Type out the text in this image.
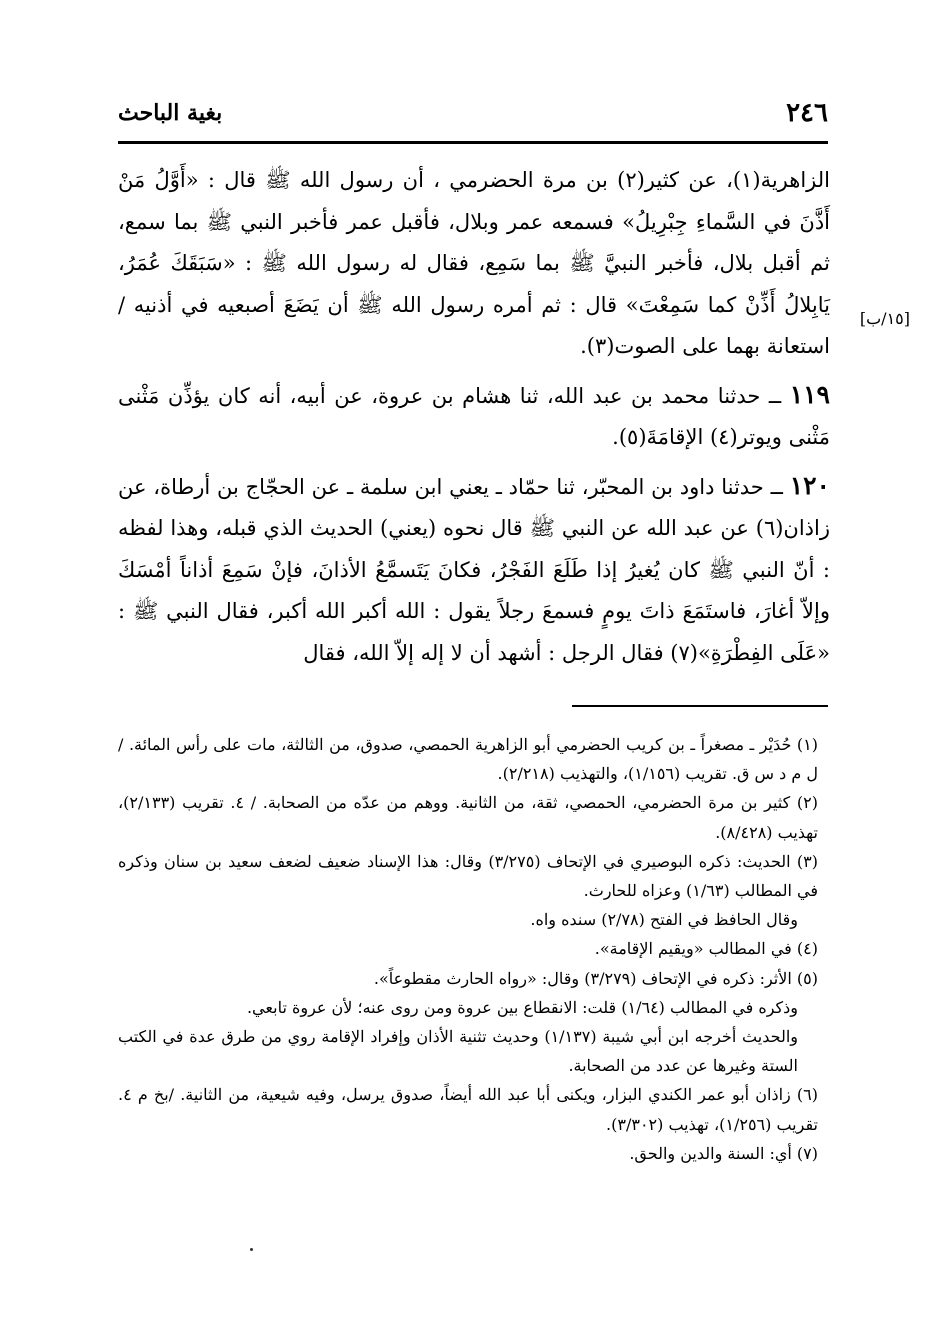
٢٤٦
بغية الباحث
[١٥/ب]

الزاهرية(١)، عن كثير(٢) بن مرة الحضرمي ، أن رسول الله ﷺ قال : «أَوَّلُ مَنْ أَذَّنَ في السَّماءِ جِبْرِيلُ» فسمعه عمر وبلال، فأقبل عمر فأخبر النبي ﷺ بما سمع، ثم أقبل بلال، فأخبر النبيَّ ﷺ بما سَمِع، فقال له رسول الله ﷺ : «سَبَقَكَ عُمَرُ، يَابِلالُ أَذِّنْ كما سَمِعْتَ» قال : ثم أمره رسول الله ﷺ أن يَضَعَ أصبعيه في أذنيه / استعانة بهما على الصوت(٣).

١١٩ ــ حدثنا محمد بن عبد الله، ثنا هشام بن عروة، عن أبيه، أنه كان يؤذِّن مَثْنى مَثْنى ويوتر(٤) الإقامَةَ(٥).

١٢٠ ــ حدثنا داود بن المحبّر، ثنا حمّاد ـ يعني ابن سلمة ـ عن الحجّاج بن أرطاة، عن زاذان(٦) عن عبد الله عن النبي ﷺ قال نحوه (يعني) الحديث الذي قبله، وهذا لفظه : أنّ النبي ﷺ كان يُغيرُ إذا طَلَعَ الفَجْرُ، فكانَ يَتَسمَّعُ الأذانَ، فإنْ سَمِعَ أذاناً أمْسَكَ وإلاّ أغارَ، فاستَمَعَ ذاتَ يومٍ فسمعَ رجلاً يقول : الله أكبر الله أكبر، فقال النبي ﷺ : «عَلَى الفِطْرَةِ»(٧) فقال الرجل : أشهد أن لا إله إلاّ الله، فقال

(١) حُدَيْر ـ مصغراً ـ بن كريب الحضرمي أبو الزاهرية الحمصي، صدوق، من الثالثة، مات على رأس المائة. /ل م د س ق. تقريب (١/١٥٦)، والتهذيب (٢/٢١٨).

(٢) كثير بن مرة الحضرمي، الحمصي، ثقة، من الثانية. ووهم من عدّه من الصحابة. / ٤. تقريب (٢/١٣٣)، تهذيب (٨/٤٢٨).

(٣) الحديث: ذكره البوصيري في الإتحاف (٣/٢٧٥) وقال: هذا الإسناد ضعيف لضعف سعيد بن سنان وذكره في المطالب (١/٦٣) وعزاه للحارث.

وقال الحافظ في الفتح (٢/٧٨) سنده واه.

(٤) في المطالب «ويقيم الإقامة».

(٥) الأثر: ذكره في الإتحاف (٣/٢٧٩) وقال: «رواه الحارث مقطوعاً».

وذكره في المطالب (١/٦٤) قلت: الانقطاع بين عروة ومن روى عنه؛ لأن عروة تابعي.

والحديث أخرجه ابن أبي شيبة (١/١٣٧) وحديث تثنية الأذان وإفراد الإقامة روي من طرق عدة في الكتب الستة وغيرها عن عدد من الصحابة.

(٦) زاذان أبو عمر الكندي البزار، ويكنى أبا عبد الله أيضاً، صدوق يرسل، وفيه شيعية، من الثانية. /بخ م ٤. تقريب (١/٢٥٦)، تهذيب (٣/٣٠٢).

(٧) أي: السنة والدين والحق.
